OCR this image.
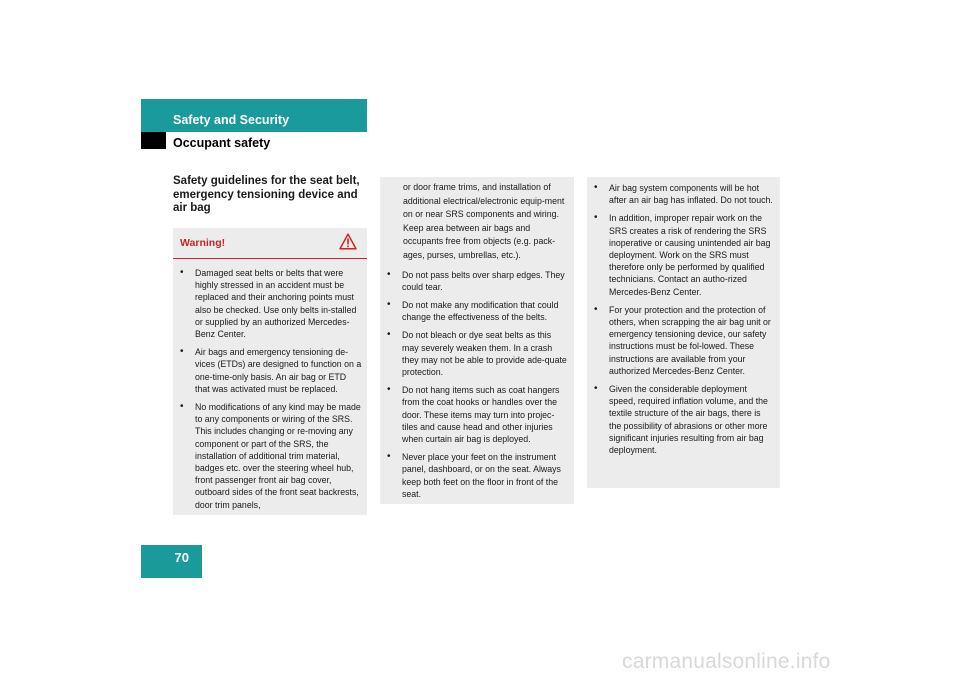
Safety and Security
Occupant safety
Safety guidelines for the seat belt, emergency tensioning device and air bag
Warning!
• Damaged seat belts or belts that were highly stressed in an accident must be replaced and their anchoring points must also be checked. Use only belts in-stalled or supplied by an authorized Mercedes-Benz Center.
• Air bags and emergency tensioning de-vices (ETDs) are designed to function on a one-time-only basis. An air bag or ETD that was activated must be replaced.
• No modifications of any kind may be made to any components or wiring of the SRS. This includes changing or re-moving any component or part of the SRS, the installation of additional trim material, badges etc. over the steering wheel hub, front passenger front air bag cover, outboard sides of the front seat backrests, door trim panels,
or door frame trims, and installation of additional electrical/electronic equip-ment on or near SRS components and wiring. Keep area between air bags and occupants free from objects (e.g. pack-ages, purses, umbrellas, etc.).
• Do not pass belts over sharp edges. They could tear.
• Do not make any modification that could change the effectiveness of the belts.
• Do not bleach or dye seat belts as this may severely weaken them. In a crash they may not be able to provide ade-quate protection.
• Do not hang items such as coat hangers from the coat hooks or handles over the door. These items may turn into projec-tiles and cause head and other injuries when curtain air bag is deployed.
• Never place your feet on the instrument panel, dashboard, or on the seat. Always keep both feet on the floor in front of the seat.
• Air bag system components will be hot after an air bag has inflated. Do not touch.
• In addition, improper repair work on the SRS creates a risk of rendering the SRS inoperative or causing unintended air bag deployment. Work on the SRS must therefore only be performed by qualified technicians. Contact an autho-rized Mercedes-Benz Center.
• For your protection and the protection of others, when scrapping the air bag unit or emergency tensioning device, our safety instructions must be fol-lowed. These instructions are available from your authorized Mercedes-Benz Center.
• Given the considerable deployment speed, required inflation volume, and the textile structure of the air bags, there is the possibility of abrasions or other more significant injuries resulting from air bag deployment.
70
carmanualsonline.info
